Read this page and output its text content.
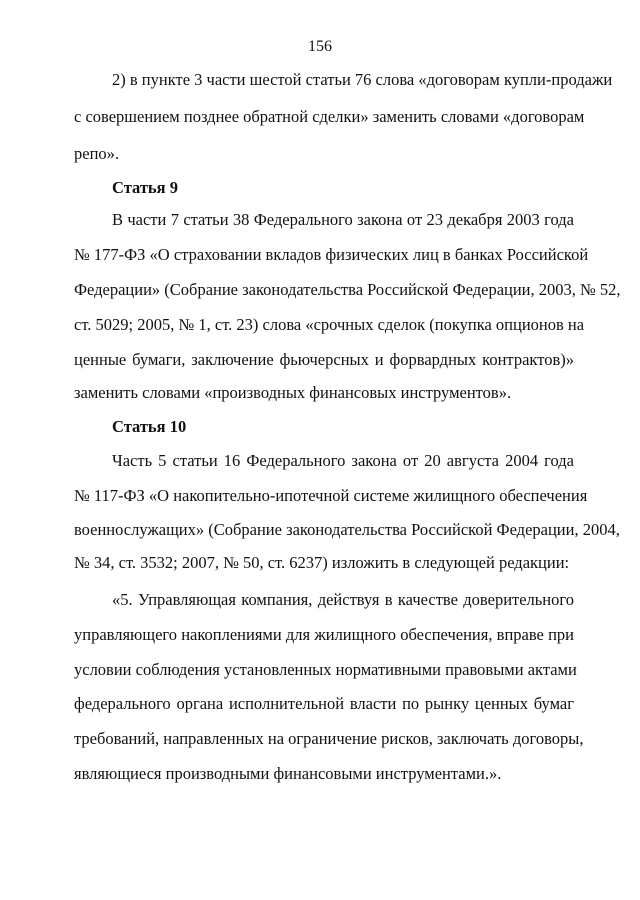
156
2) в пункте 3 части шестой статьи 76 слова «договорам купли-продажи
с совершением позднее обратной сделки» заменить словами «договорам
репо».
Статья 9
В части 7 статьи 38 Федерального закона от 23 декабря 2003 года
№ 177-ФЗ «О страховании вкладов физических лиц в банках Российской
Федерации» (Собрание законодательства Российской Федерации, 2003, № 52,
ст. 5029; 2005, № 1, ст. 23) слова «срочных сделок (покупка опционов на
ценные бумаги, заключение фьючерсных и форвардных контрактов)»
заменить словами «производных финансовых инструментов».
Статья 10
Часть 5 статьи 16 Федерального закона от 20 августа 2004 года
№ 117-ФЗ «О накопительно-ипотечной системе жилищного обеспечения
военнослужащих» (Собрание законодательства Российской Федерации, 2004,
№ 34, ст. 3532; 2007, № 50, ст. 6237) изложить в следующей редакции:
«5. Управляющая компания, действуя в качестве доверительного
управляющего накоплениями для жилищного обеспечения, вправе при
условии соблюдения установленных нормативными правовыми актами
федерального органа исполнительной власти по рынку ценных бумаг
требований, направленных на ограничение рисков, заключать договоры,
являющиеся производными финансовыми инструментами.».
